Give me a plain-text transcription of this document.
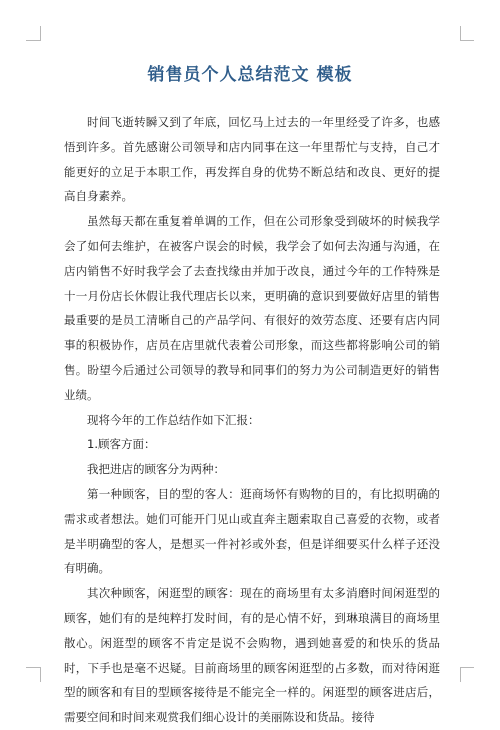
销售员个人总结范文 模板

时间飞逝转瞬又到了年底，回忆马上过去的一年里经受了许多，也感悟到许多。首先感谢公司领导和店内同事在这一年里帮忙与支持，自己才能更好的立足于本职工作，再发挥自身的优势不断总结和改良、更好的提高自身素养。

虽然每天都在重复着单调的工作，但在公司形象受到破坏的时候我学会了如何去维护，在被客户误会的时候，我学会了如何去沟通与沟通，在店内销售不好时我学会了去查找缘由并加于改良，通过今年的工作特殊是十一月份店长休假让我代理店长以来，更明确的意识到要做好店里的销售最重要的是员工清晰自己的产品学问、有很好的效劳态度、还要有店内同事的积极协作，店员在店里就代表着公司形象，而这些都将影响公司的销售。盼望今后通过公司领导的教导和同事们的努力为公司制造更好的销售业绩。

现将今年的工作总结作如下汇报：

1.顾客方面：

我把进店的顾客分为两种：

第一种顾客，目的型的客人：逛商场怀有购物的目的，有比拟明确的需求或者想法。她们可能开门见山或直奔主题索取自己喜爱的衣物，或者是半明确型的客人，是想买一件衬衫或外套，但是详细要买什么样子还没有明确。

其次种顾客，闲逛型的顾客：现在的商场里有太多消磨时间闲逛型的顾客，她们有的是纯粹打发时间，有的是心情不好，到琳琅满目的商场里散心。闲逛型的顾客不肯定是说不会购物，遇到她喜爱的和快乐的货品时，下手也是毫不迟疑。目前商场里的顾客闲逛型的占多数，而对待闲逛型的顾客和有目的型顾客接待是不能完全一样的。闲逛型的顾客进店后，需要空间和时间来观赏我们细心设计的美丽陈设和货品。接待
